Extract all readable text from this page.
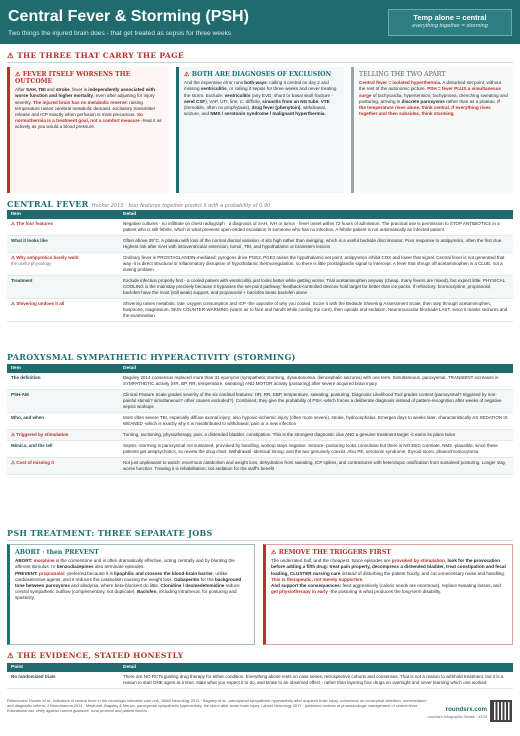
Central Fever & Storming (PSH)
Two things the injured brain does - that get treated as sepsis for three weeks
Temp alone = central
everything together = storming
⚠ THE THREE THAT CARRY THE PAGE
⚠ FEVER ITSELF WORSENS THE OUTCOME
After SAH, TBI and stroke, fever is independently associated with worse function and higher mortality, even after adjusting for injury severity. The injured brain has no metabolic reserve: raising temperature raises cerebral metabolic demand, excitatory transmitter release and ICP exactly when perfusion is most precarious. So normothermia is a treatment goal, not a comfort measure -treat it as actively as you would a blood pressure.
⚠ BOTH ARE DIAGNOSES OF EXCLUSION
And the expensive error runs both ways: calling it central on day 2 and missing ventriculitis, or calling it sepsis for three weeks and never treating the storm. Exclude: ventriculitis (any EVD, shunt or basal skull fracture -send CSF), VAP, UTI, line, C. difficile, sinusitis from an NG tube; VTE (immobile, often no prophylaxis), drug fever (phenytoin), withdrawal, seizure, and NMS / serotonin syndrome / malignant hyperthermia.
TELLING THE TWO APART
Central fever = isolated hyperthermia. A disturbed set point, without the rest of the autonomic picture. PSH = fever PLUS a simultaneous surge of tachycardia, hypertension, tachypnoea, drenching sweating and posturing, arriving in discrete paroxysms rather than as a plateau. If the temperature rises alone, think central. If everything rises together and then subsides, think storming.
CENTRAL FEVER Hocker 2013 · four features together predict it with a probability of 0.90
Item	Detail
⚠ The four features	Negative cultures · no infiltrate on chest radiograph · a diagnosis of SAH, IVH or tumor · fever onset within 72 hours of admission. The practical use is permission to STOP ANTIBIOTICS in a patient who is still febrile, which is what prevents open-ended escalation in someone who has no infection. A febrile patient is not automatically an infected patient
What it looks like	Often above 39°C. A plateau with loss of the normal diurnal variation -it sits high rather than swinging, which is a useful bedside discriminator. Poor response to antipyretics, often the first clue. Highest risk after SAH with intraventricular extension, tumor, TBI, and hypothalamic or brainstem lesions
⚠ Why antipyretics barely work
the useful physiology	Ordinary fever is PROSTAGLANDIN-mediated: pyrogens drive PGE2, PGE2 raises the hypothalamic set point, antipyretics inhibit COX and lower that signal. Central fever is not generated that way -it is direct structural or inflammatory disruption of hypothalamic thermoregulation, so there is little prostaglandin signal to intercept. A fever that shrugs off acetaminophen is a CLUE, not a dosing problem
Treatment	Exclude infection properly first - a cooled patient with ventriculitis just looks better while getting worse. Trial acetaminophen anyway (cheap, many fevers are mixed), but expect little. PHYSICAL COOLING is the mainstay precisely because it bypasses the set-point pathway; feedback-controlled devices hold target far better than ice packs. If refractory: bromocriptine, propranolol, baclofen have the most (still weak) support, and propranolol + baclofen beats baclofen alone
⚠ Shivering undoes it all	Shivering raises metabolic rate, oxygen consumption and ICP -the opposite of why you cooled. Score it with the Bedside Shivering Assessment Scale, then step through acetaminophen, buspirone, magnesium, SKIN COUNTER-WARMING (warm air to face and hands while cooling the core), then opioids and sedation. Neuromuscular blockade LAST, since it masks seizures and the examination
PAROXYSMAL SYMPATHETIC HYPERACTIVITY (STORMING)
Item	Detail
The definition	Baguley 2014 consensus replaced more than 31 eponyms (sympathetic storming, dysautonomia, diencephalic seizures) with one term. Simultaneous, paroxysmal, TRANSIENT increases in SYMPATHETIC activity (HR, BP, RR, temperature, sweating) AND MOTOR activity (posturing) after severe acquired brain injury
PSH-AM	Clinical Feature Scale grades severity of the six cardinal features: HR, RR, SBP, temperature, sweating, posturing. Diagnosis Likelihood Tool grades context (paroxysmal? triggered by non-painful stimuli? simultaneous? other causes excluded?). Combined, they give the probability of PSH -which forces a deliberate diagnosis instead of pattern-recognition after weeks of negative sepsis workups
Who, and when	Most often severe TBI, especially diffuse axonal injury; also hypoxic-ischemic injury (often more severe), stroke, hydrocephalus. Emerges days to weeks later, characteristically AS SEDATION IS WEANED -which is exactly why it is misattributed to withdrawal, pain or a new infection
⚠ Triggered by stimulation	Turning, suctioning, physiotherapy, pain, a distended bladder, constipation. This is the strongest diagnostic clue AND a genuine treatment target -it earns its place twice
Mimics, and the tell	Sepsis -storming is paroxysmal not sustained, provoked by handling, workup stays negative. Seizure -posturing looks convulsive but there is NO EEG correlate. NMS -plausible, since these patients get antipsychotics, so review the drug chart. Withdrawal -identical timing, and the two genuinely coexist. Also PE, serotonin syndrome, thyroid storm, phaeochromocytoma
⚠ Cost of missing it	Not just unpleasant to watch: enormous catabolism and weight loss, dehydration from sweating, ICP spikes, and contractures with heterotopic ossification from sustained posturing. Longer stay, worse function. Treating it is rehabilitation, not sedation for the staff's benefit
PSH TREATMENT: THREE SEPARATE JOBS
ABORT · then PREVENT
ABORT: morphine is the cornerstone and is often dramatically effective, acting centrally and by blunting the afferent stimulus. IV benzodiazepines also terminate episodes.
PREVENT: propranolol -preferred because it is lipophilic and crosses the blood-brain barrier, unlike cardioselective agents, and it reduces the catabolism causing the weight loss. Gabapentin for the background tone between paroxysms and allodynia, where beta-blockers do little. Clonidine / dexmedetomidine reduce central sympathetic outflow (complementary, not duplicate). Baclofen, including intrathecal, for posturing and spasticity.
⚠ REMOVE THE TRIGGERS FIRST
The underrated half, and the cheapest. Since episodes are provoked by stimulation, look for the provocation before adding a fifth drug: treat pain properly, decompress a distended bladder, treat constipation and fecal loading, CLUSTER nursing care instead of disturbing the patient hourly, and cut unnecessary noise and handling. This is therapeutic, not merely supportive.
And support the consequences: feed aggressively (caloric needs are enormous), replace sweating losses, and get physiotherapy in early -the posturing is what produces the long-term disability.
⚠ THE EVIDENCE, STATED HONESTLY
Point	Detail
No randomized trials	There are NO RCTs guiding drug therapy for either condition. Everything above rests on case series, retrospective cohorts and consensus. That is not a reason to withhold treatment, but it is a reason to start ONE agent at a time, state what you expect it to do, and titrate to an observed effect - rather than layering four drugs on overnight and never learning which one worked
References: Hocker et al., indicators of central fever in the neurologic intensive care unit, JAMA Neurology 2013 · Baguley et al., paroxysmal sympathetic hyperactivity after acquired brain injury: consensus on conceptual definition, nomenclature and diagnostic criteria, J Neurotrauma 2014 · Meyfroidt, Baguley & Menon, paroxysmal sympathetic hyperactivity: the storm after acute brain injury, Lancet Neurology 2017 · published reviews of pharmacologic management of central fever.
Educational aid; verify against current guidance, local protocol and patient factors.	roundsrx.com
roundsrx infographic Series · #124
